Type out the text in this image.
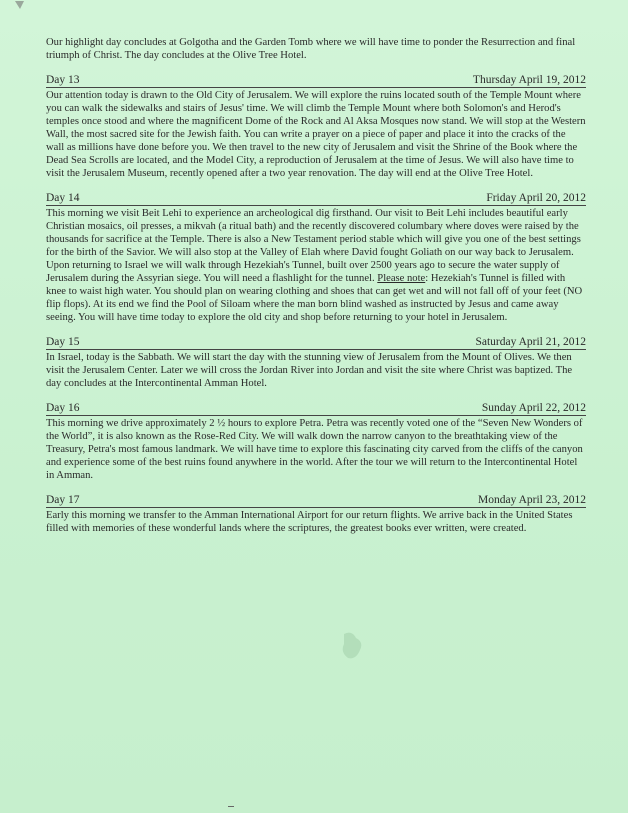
Our highlight day concludes at Golgotha and the Garden Tomb where we will have time to ponder the Resurrection and final triumph of Christ. The day concludes at the Olive Tree Hotel.

Day 13	Thursday April 19, 2012

Our attention today is drawn to the Old City of Jerusalem. We will explore the ruins located south of the Temple Mount where you can walk the sidewalks and stairs of Jesus' time. We will climb the Temple Mount where both Solomon's and Herod's temples once stood and where the magnificent Dome of the Rock and Al Aksa Mosques now stand. We will stop at the Western Wall, the most sacred site for the Jewish faith. You can write a prayer on a piece of paper and place it into the cracks of the wall as millions have done before you. We then travel to the new city of Jerusalem and visit the Shrine of the Book where the Dead Sea Scrolls are located, and the Model City, a reproduction of Jerusalem at the time of Jesus. We will also have time to visit the Jerusalem Museum, recently opened after a two year renovation. The day will end at the Olive Tree Hotel.

Day 14	Friday April 20, 2012

This morning we visit Beit Lehi to experience an archeological dig firsthand. Our visit to Beit Lehi includes beautiful early Christian mosaics, oil presses, a mikvah (a ritual bath) and the recently discovered columbary where doves were raised by the thousands for sacrifice at the Temple. There is also a New Testament period stable which will give you one of the best settings for the birth of the Savior. We will also stop at the Valley of Elah where David fought Goliath on our way back to Jerusalem. Upon returning to Israel we will walk through Hezekiah's Tunnel, built over 2500 years ago to secure the water supply of Jerusalem during the Assyrian siege. You will need a flashlight for the tunnel. Please note: Hezekiah's Tunnel is filled with knee to waist high water. You should plan on wearing clothing and shoes that can get wet and will not fall off of your feet (NO flip flops). At its end we find the Pool of Siloam where the man born blind washed as instructed by Jesus and came away seeing. You will have time today to explore the old city and shop before returning to your hotel in Jerusalem.

Day 15	Saturday April 21, 2012

In Israel, today is the Sabbath. We will start the day with the stunning view of Jerusalem from the Mount of Olives. We then visit the Jerusalem Center. Later we will cross the Jordan River into Jordan and visit the site where Christ was baptized. The day concludes at the Intercontinental Amman Hotel.

Day 16	Sunday April 22, 2012

This morning we drive approximately 2 ½ hours to explore Petra. Petra was recently voted one of the “Seven New Wonders of the World”, it is also known as the Rose-Red City. We will walk down the narrow canyon to the breathtaking view of the Treasury, Petra's most famous landmark. We will have time to explore this fascinating city carved from the cliffs of the canyon and experience some of the best ruins found anywhere in the world. After the tour we will return to the Intercontinental Hotel in Amman.

Day 17	Monday April 23, 2012

Early this morning we transfer to the Amman International Airport for our return flights. We arrive back in the United States filled with memories of these wonderful lands where the scriptures, the greatest books ever written, were created.
